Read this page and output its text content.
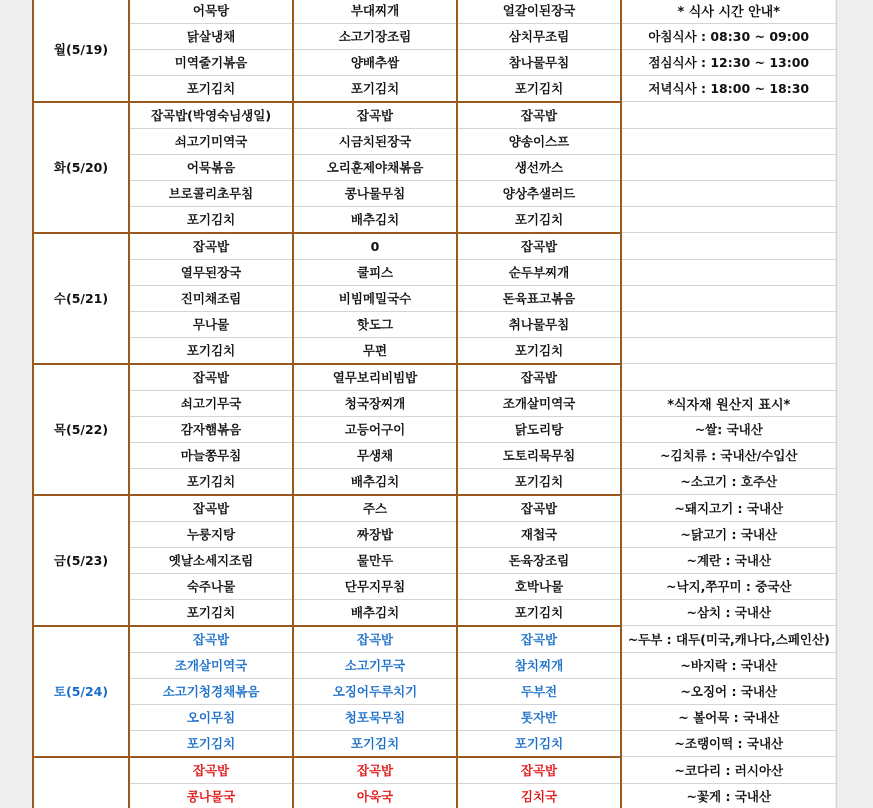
월(5/19)	어묵탕	부대찌개	얼갈이된장국	* 식사 시간 안내*
	닭살냉채	소고기장조림	삼치무조림	아침식사 : 08:30 ~ 09:00
	미역줄기볶음	양배추쌈	참나물무침	점심식사 : 12:30 ~ 13:00
	포기김치	포기김치	포기김치	저녁식사 : 18:00 ~ 18:30
화(5/20)	잡곡밥(박영숙님생일)	잡곡밥	잡곡밥	
	쇠고기미역국	시금치된장국	양송이스프	
	어묵볶음	오리훈제야채볶음	생선까스	
	브로콜리초무침	콩나물무침	양상추샐러드	
	포기김치	배추김치	포기김치	
수(5/21)	잡곡밥	0	잡곡밥	
	열무된장국	쿨피스	순두부찌개	
	진미채조림	비빔메밀국수	돈육표고볶음	
	무나물	핫도그	취나물무침	
	포기김치	무편	포기김치	
목(5/22)	잡곡밥	열무보리비빔밥	잡곡밥	
	쇠고기무국	청국장찌개	조개살미역국	*식자재 원산지 표시*
	감자햄볶음	고등어구이	닭도리탕	~쌀: 국내산
	마늘쫑무침	무생채	도토리묵무침	~김치류 : 국내산/수입산
	포기김치	배추김치	포기김치	~소고기 : 호주산
금(5/23)	잡곡밥	주스	잡곡밥	~돼지고기 : 국내산
	누룽지탕	짜장밥	재첩국	~닭고기 : 국내산
	옛날소세지조림	물만두	돈육장조림	~계란 : 국내산
	숙주나물	단무지무침	호박나물	~낙지,쭈꾸미 : 중국산
	포기김치	배추김치	포기김치	~삼치 : 국내산
토(5/24)	잡곡밥	잡곡밥	잡곡밥	~두부 : 대두(미국,캐나다,스페인산)
	조개살미역국	소고기무국	참치찌개	~바지락 : 국내산
	소고기청경채볶음	오징어두루치기	두부전	~오징어 : 국내산
	오이무침	청포묵무침	톳자반	~ 볼어묵 : 국내산
	포기김치	포기김치	포기김치	~조랭이떡 : 국내산
	잡곡밥	잡곡밥	잡곡밥	~코다리 : 러시아산
	콩나물국	아욱국	김치국	~꽃게 : 국내산
